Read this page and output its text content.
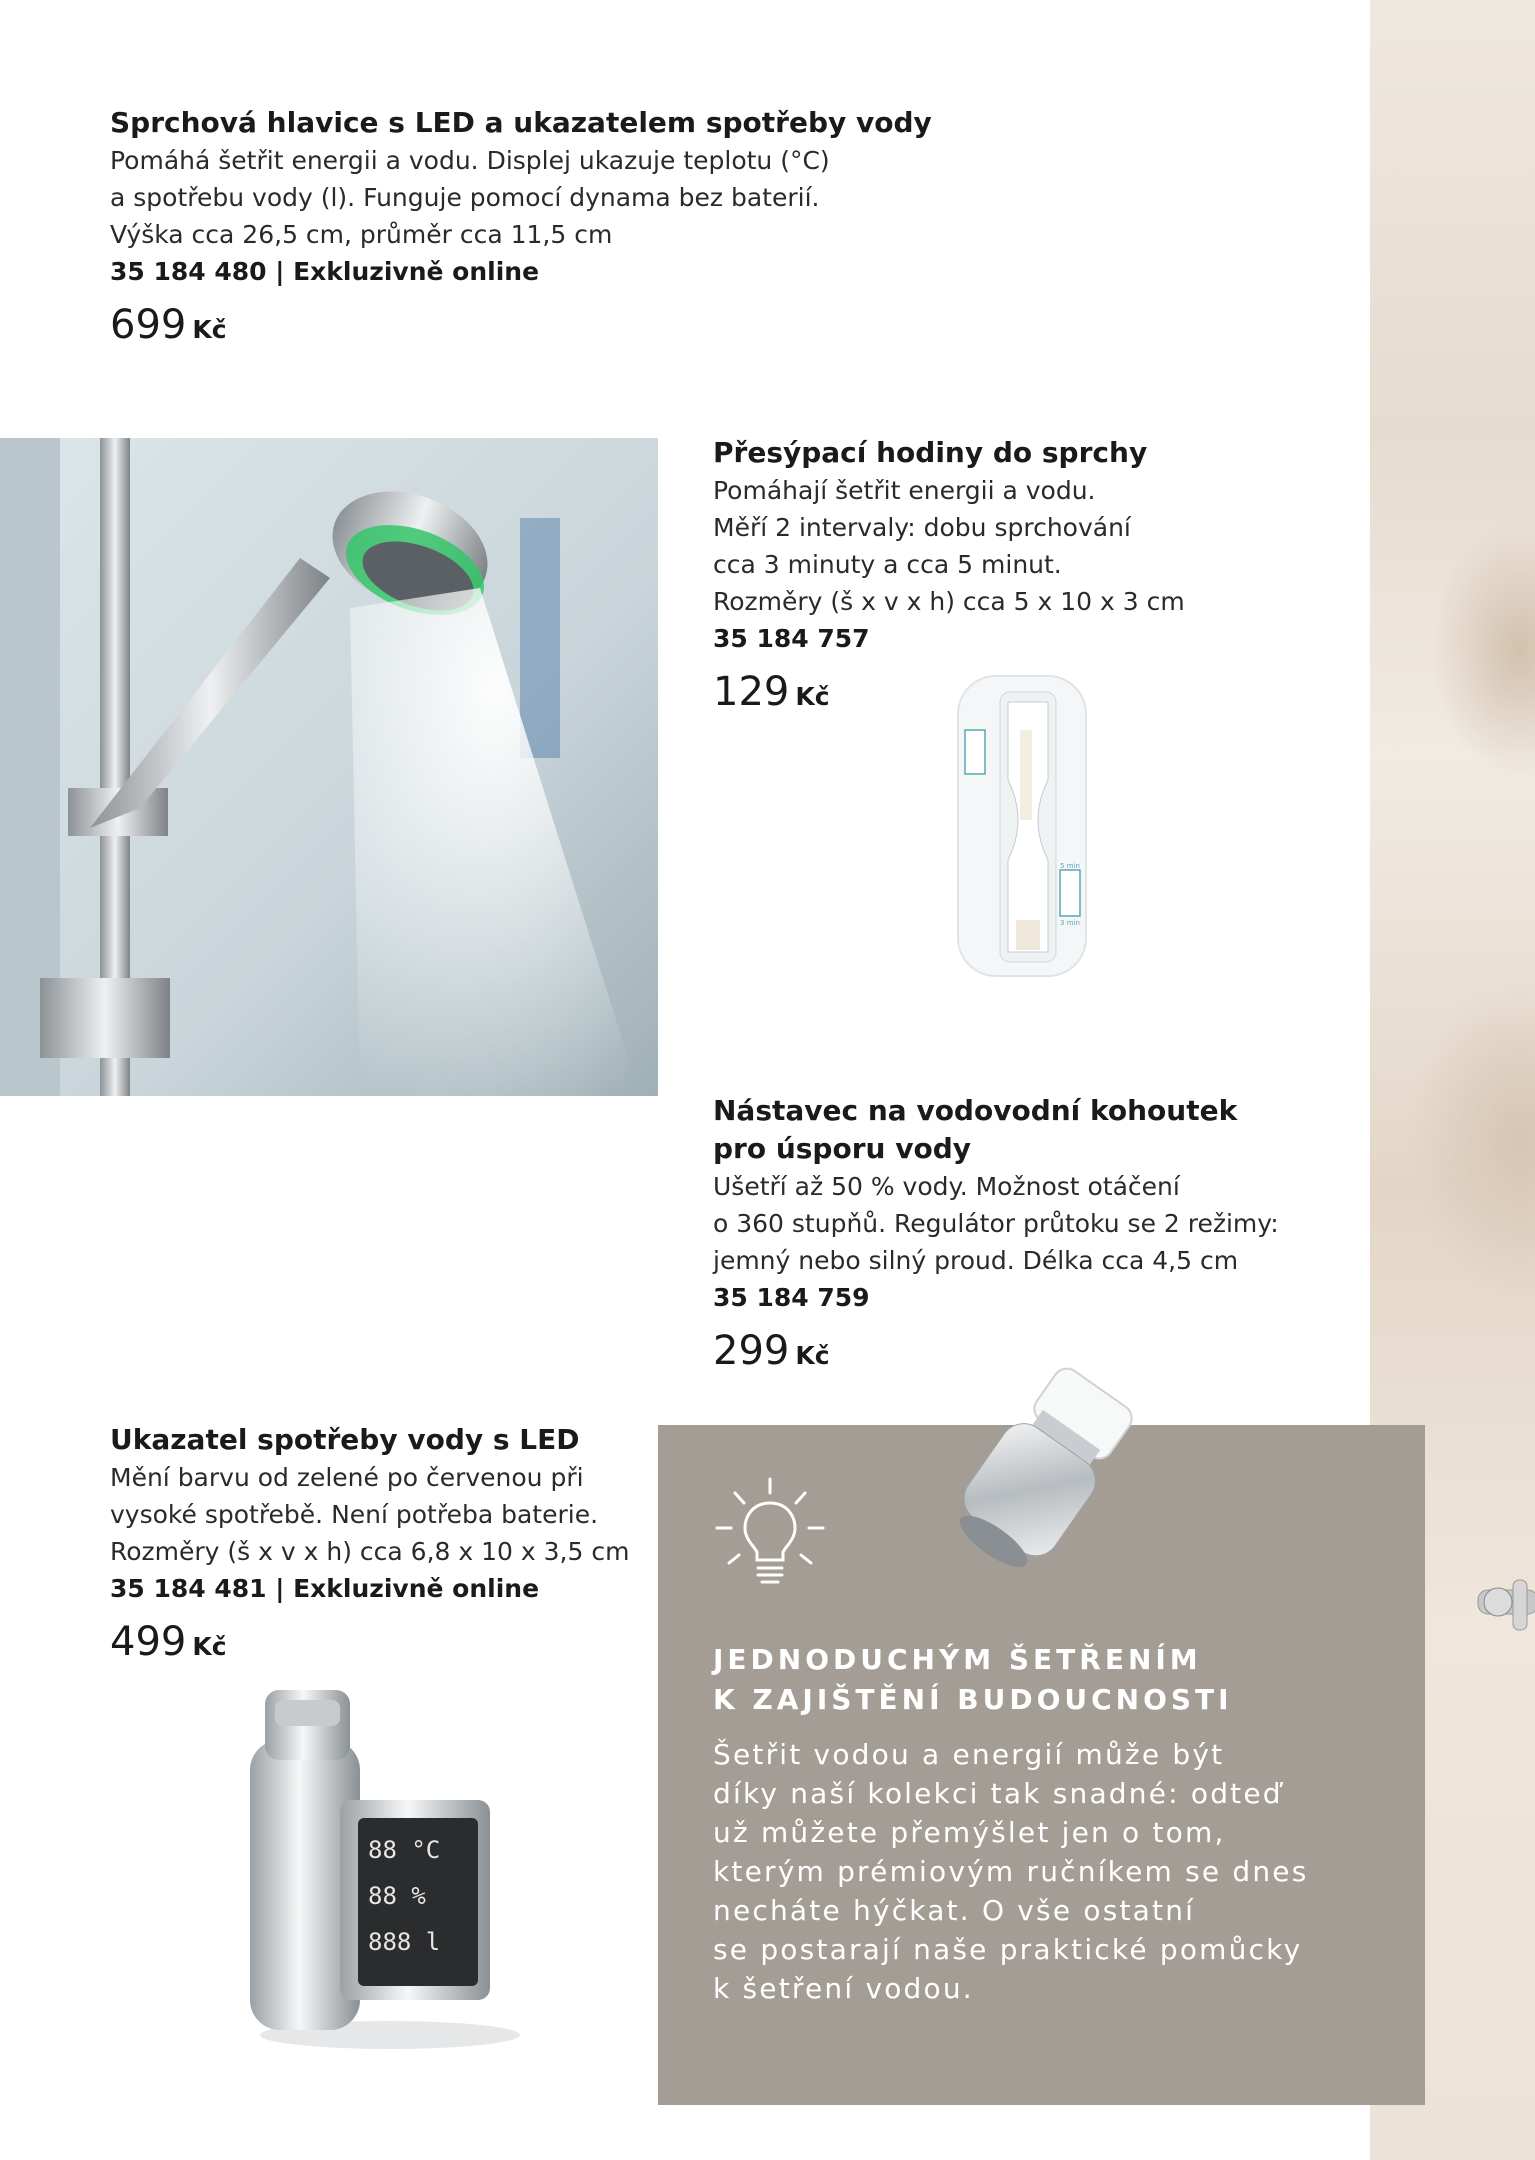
Sprchová hlavice s LED a ukazatelem spotřeby vody
Pomáhá šetřit energii a vodu. Displej ukazuje teplotu (°C)
a spotřebu vody (l). Funguje pomocí dynama bez baterií.
Výška cca 26,5 cm, průměr cca 11,5 cm
35 184 480 | Exkluzivně online
699 Kč
Přesýpací hodiny do sprchy
Pomáhají šetřit energii a vodu.
Měří 2 intervaly: dobu sprchování
cca 3 minuty a cca 5 minut.
Rozměry (š x v x h) cca 5 x 10 x 3 cm
35 184 757
129 Kč
5 min
3 min
Nástavec na vodovodní kohoutek
pro úsporu vody
Ušetří až 50 % vody. Možnost otáčení
o 360 stupňů. Regulátor průtoku se 2 režimy:
jemný nebo silný proud. Délka cca 4,5 cm
35 184 759
299 Kč
Ukazatel spotřeby vody s LED
Mění barvu od zelené po červenou při
vysoké spotřebě. Není potřeba baterie.
Rozměry (š x v x h) cca 6,8 x 10 x 3,5 cm
35 184 481 | Exkluzivně online
499 Kč
88 °C
88 %
888 l
JEDNODUCHÝM ŠETŘENÍM
K ZAJIŠTĚNÍ BUDOUCNOSTI
Šetřit vodou a energií může být
díky naší kolekci tak snadné: odteď
už můžete přemýšlet jen o tom,
kterým prémiovým ručníkem se dnes
necháte hýčkat. O vše ostatní
se postarají naše praktické pomůcky
k šetření vodou.
